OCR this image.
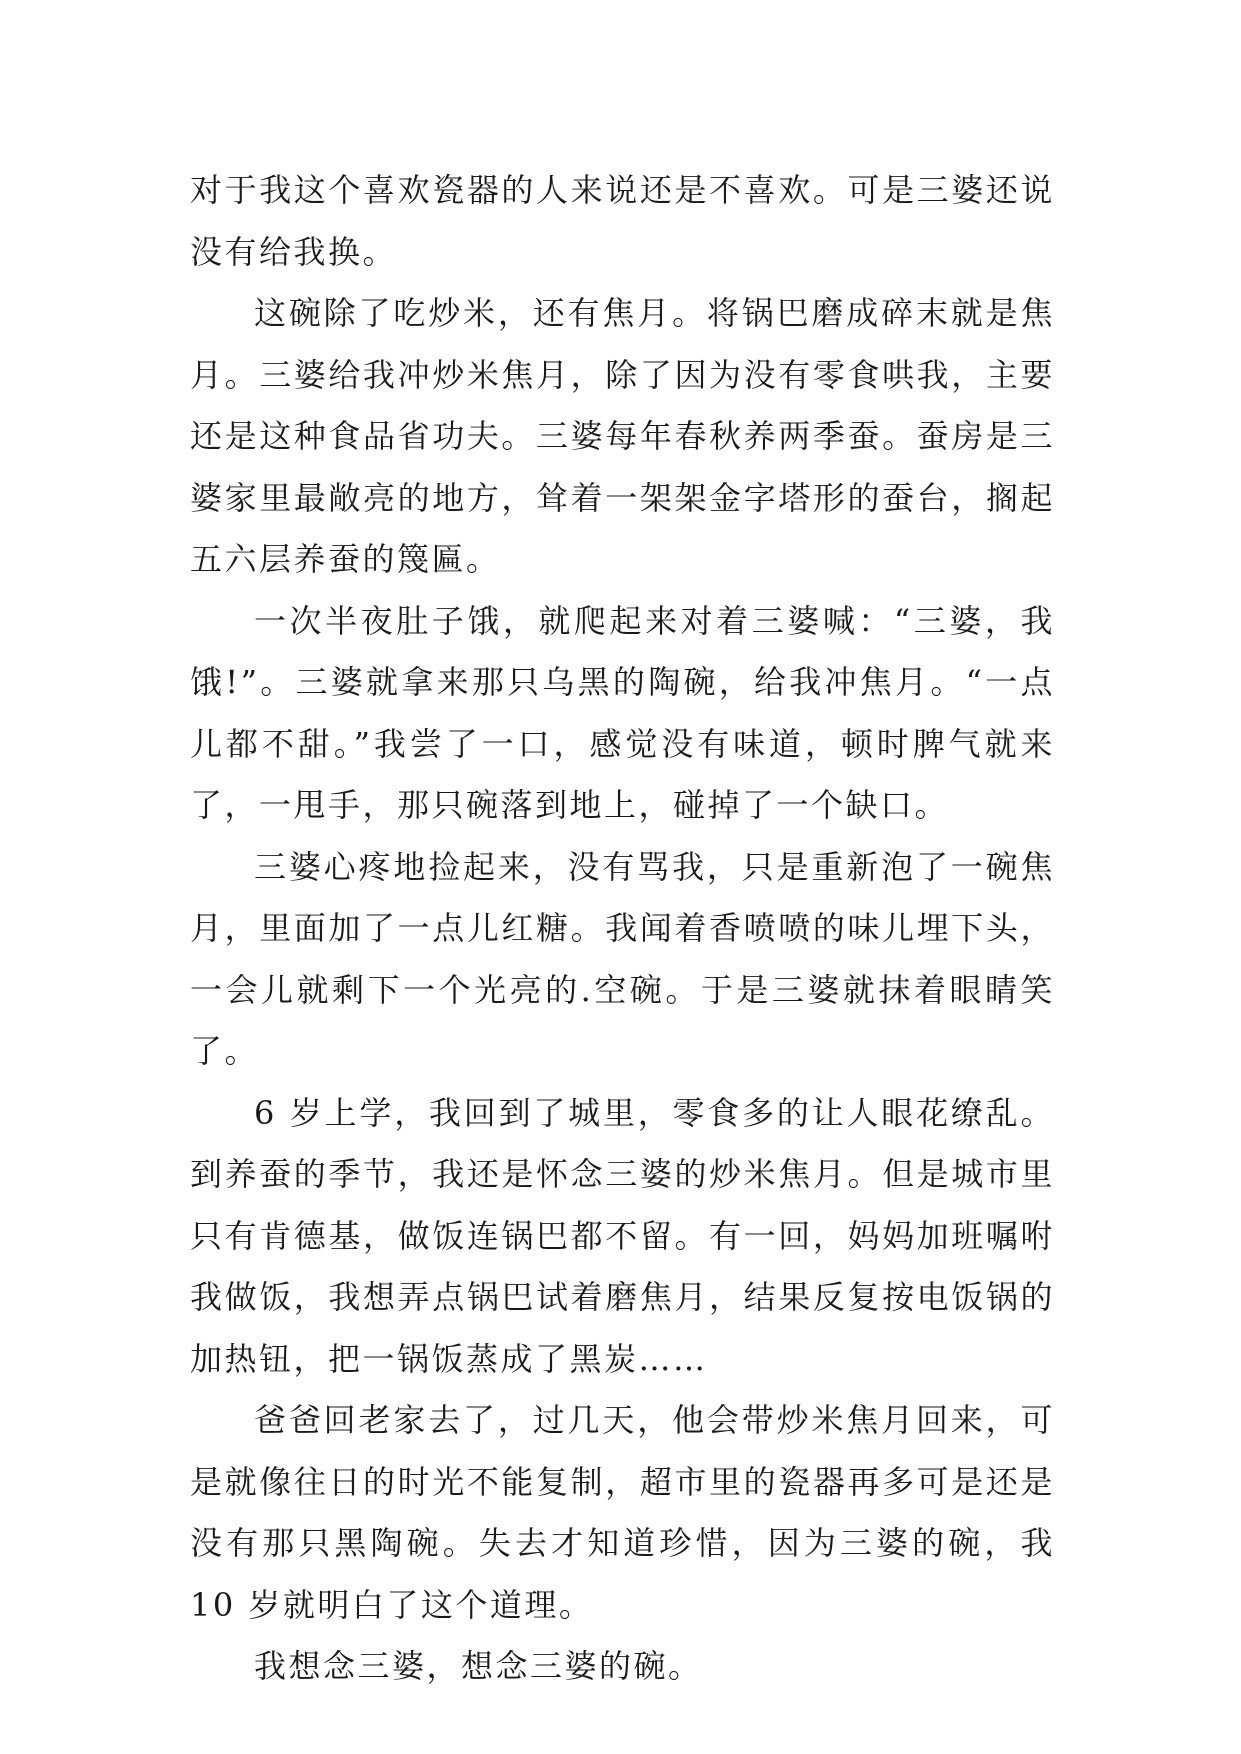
对于我这个喜欢瓷器的人来说还是不喜欢。可是三婆还说没有给我换。

这碗除了吃炒米，还有焦月。将锅巴磨成碎末就是焦月。三婆给我冲炒米焦月，除了因为没有零食哄我，主要还是这种食品省功夫。三婆每年春秋养两季蚕。蚕房是三婆家里最敞亮的地方，耸着一架架金字塔形的蚕台，搁起五六层养蚕的篾匾。

一次半夜肚子饿，就爬起来对着三婆喊：“三婆，我饿!”。三婆就拿来那只乌黑的陶碗，给我冲焦月。“一点儿都不甜。”我尝了一口，感觉没有味道，顿时脾气就来了，一甩手，那只碗落到地上，碰掉了一个缺口。

三婆心疼地捡起来，没有骂我，只是重新泡了一碗焦月，里面加了一点儿红糖。我闻着香喷喷的味儿埋下头，一会儿就剩下一个光亮的.空碗。于是三婆就抹着眼睛笑了。

6 岁上学，我回到了城里，零食多的让人眼花缭乱。到养蚕的季节，我还是怀念三婆的炒米焦月。但是城市里只有肯德基，做饭连锅巴都不留。有一回，妈妈加班嘱咐我做饭，我想弄点锅巴试着磨焦月，结果反复按电饭锅的加热钮，把一锅饭蒸成了黑炭……

爸爸回老家去了，过几天，他会带炒米焦月回来，可是就像往日的时光不能复制，超市里的瓷器再多可是还是没有那只黑陶碗。失去才知道珍惜，因为三婆的碗，我 10 岁就明白了这个道理。

我想念三婆，想念三婆的碗。
